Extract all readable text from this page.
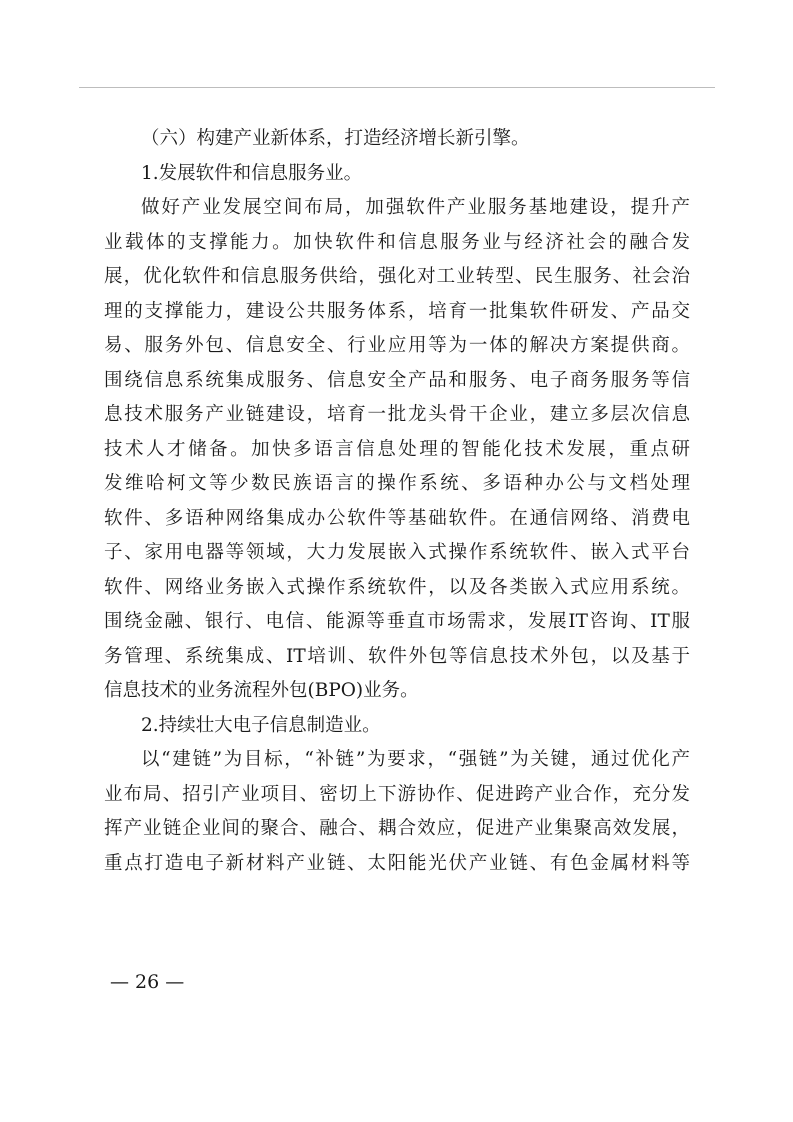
（六）构建产业新体系，打造经济增长新引擎。
1.发展软件和信息服务业。
做好产业发展空间布局，加强软件产业服务基地建设，提升产
业载体的支撑能力。加快软件和信息服务业与经济社会的融合发
展，优化软件和信息服务供给，强化对工业转型、民生服务、社会治
理的支撑能力，建设公共服务体系，培育一批集软件研发、产品交
易、服务外包、信息安全、行业应用等为一体的解决方案提供商。
围绕信息系统集成服务、信息安全产品和服务、电子商务服务等信
息技术服务产业链建设，培育一批龙头骨干企业，建立多层次信息
技术人才储备。加快多语言信息处理的智能化技术发展，重点研
发维哈柯文等少数民族语言的操作系统、多语种办公与文档处理
软件、多语种网络集成办公软件等基础软件。在通信网络、消费电
子、家用电器等领域，大力发展嵌入式操作系统软件、嵌入式平台
软件、网络业务嵌入式操作系统软件，以及各类嵌入式应用系统。
围绕金融、银行、电信、能源等垂直市场需求，发展IT咨询、IT服
务管理、系统集成、IT培训、软件外包等信息技术外包，以及基于
信息技术的业务流程外包(BPO)业务。
2.持续壮大电子信息制造业。
以“建链”为目标，“补链”为要求，“强链”为关键，通过优化产
业布局、招引产业项目、密切上下游协作、促进跨产业合作，充分发
挥产业链企业间的聚合、融合、耦合效应，促进产业集聚高效发展，
重点打造电子新材料产业链、太阳能光伏产业链、有色金属材料等
— 26 —
